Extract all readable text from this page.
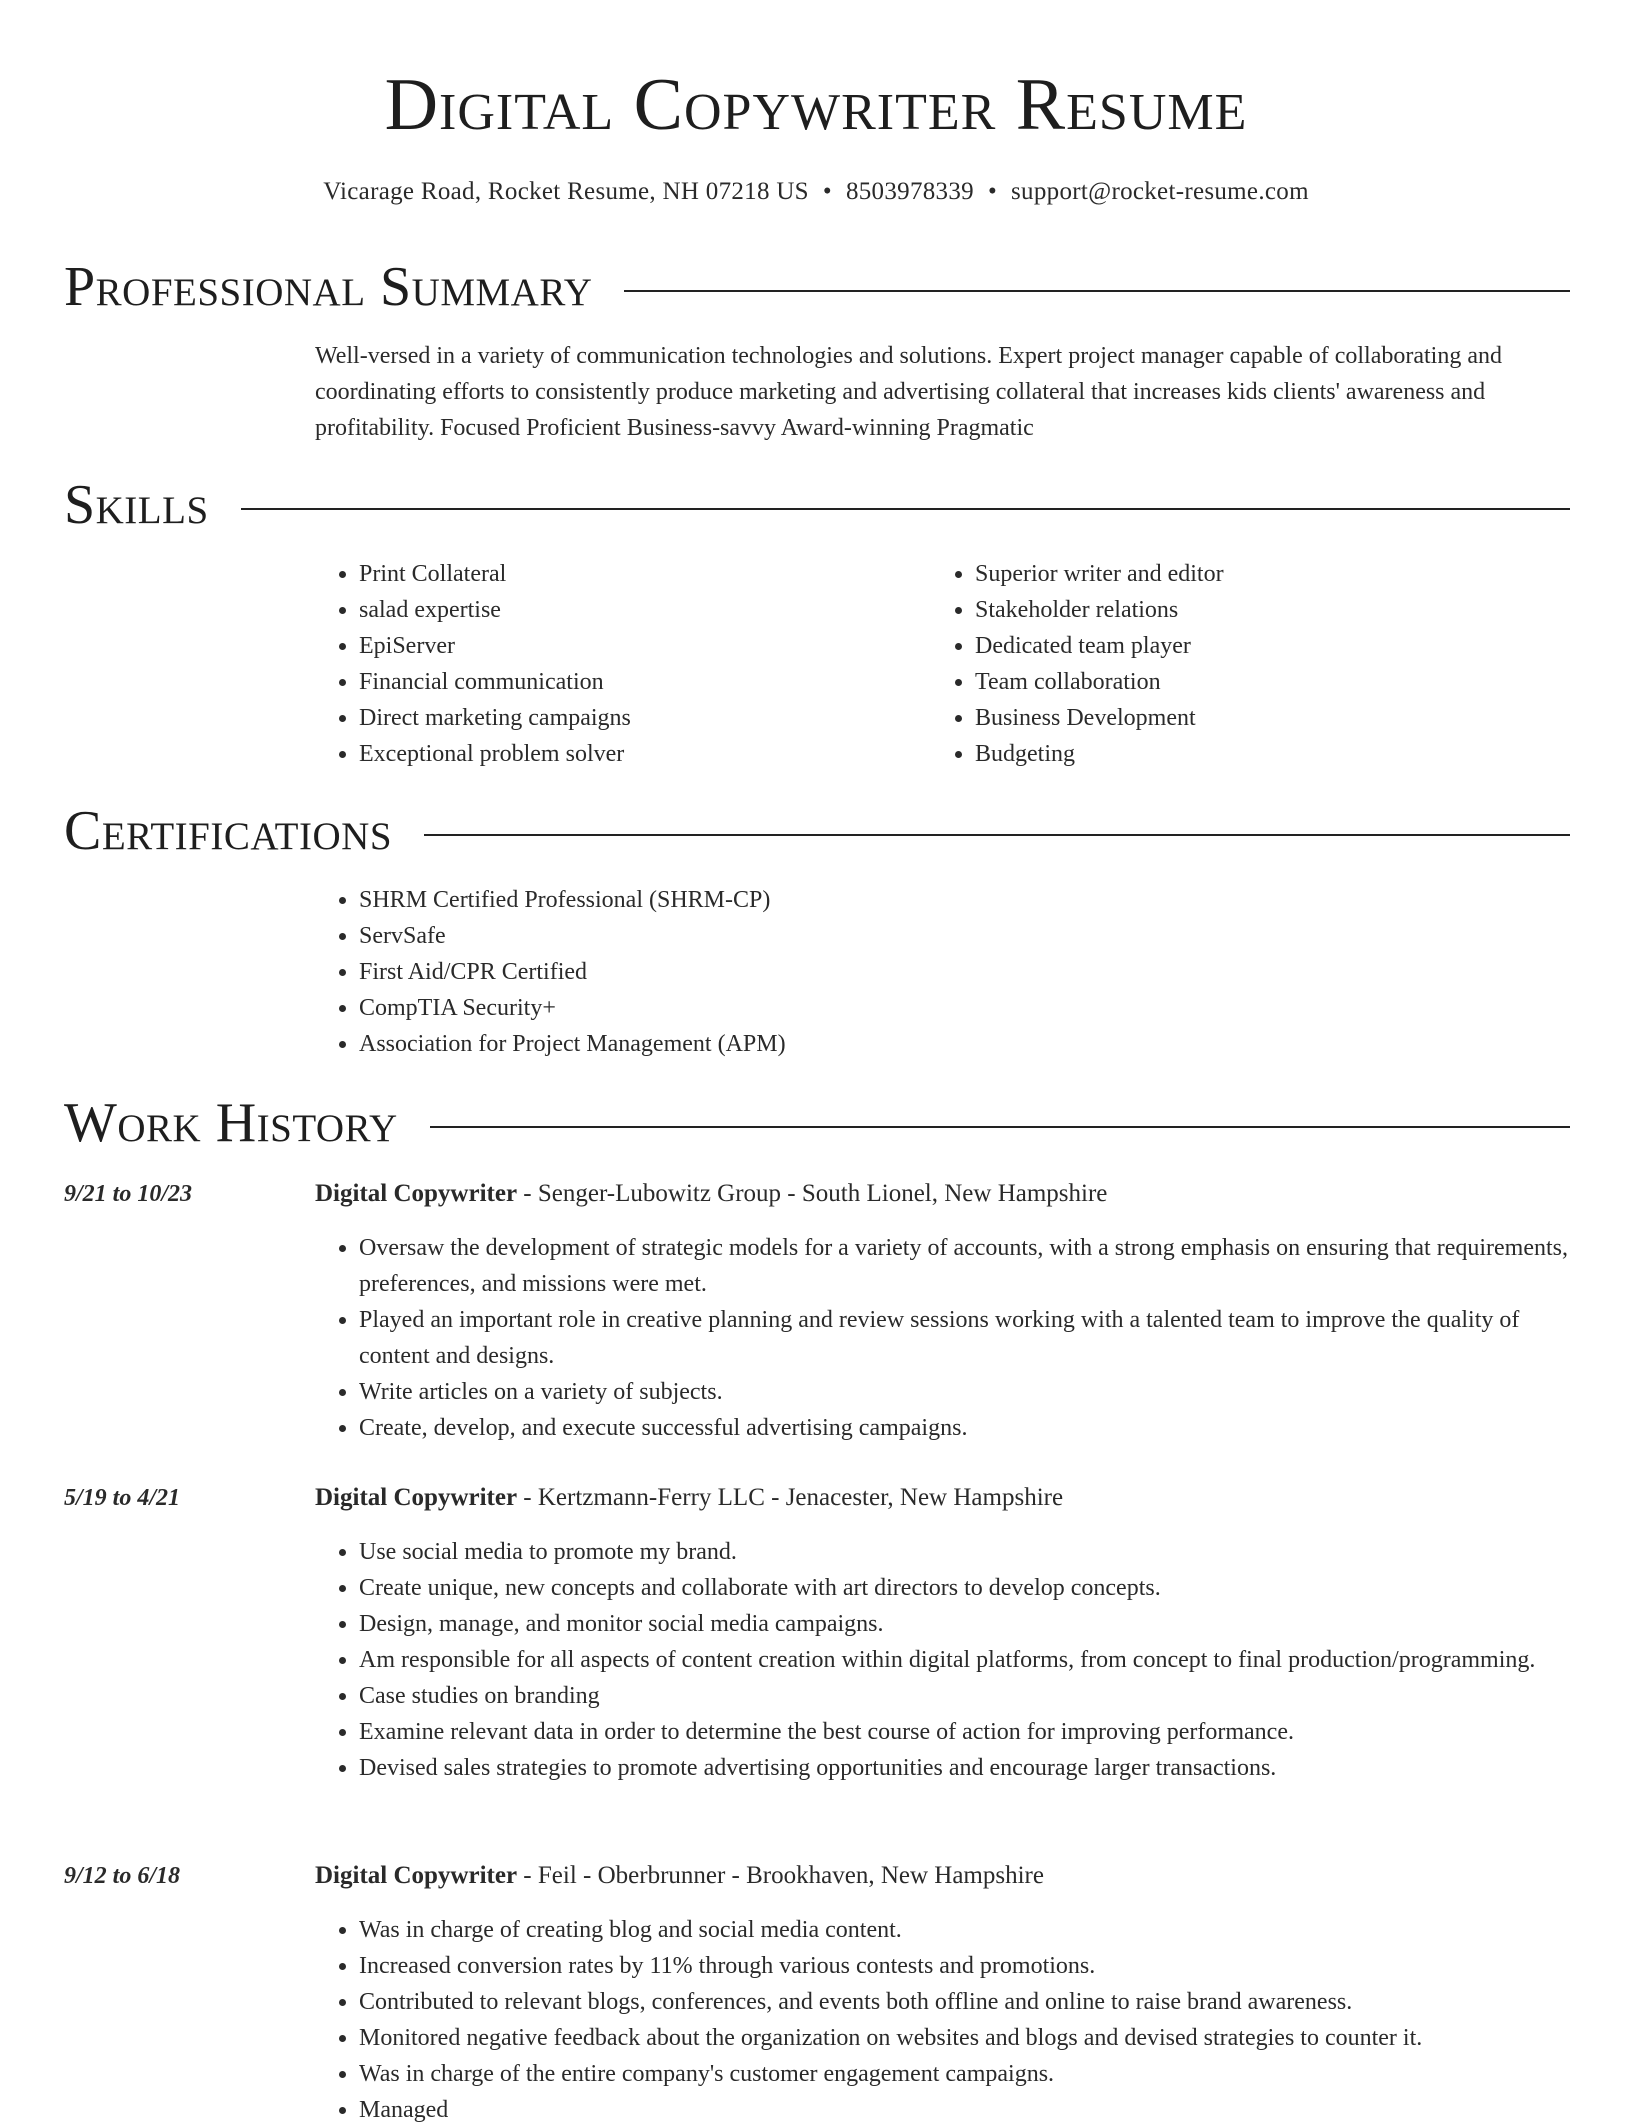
Digital Copywriter Resume
Vicarage Road, Rocket Resume, NH 07218 US • 8503978339 • support@rocket-resume.com
Professional Summary

Well-versed in a variety of communication technologies and solutions. Expert project manager capable of collaborating and coordinating efforts to consistently produce marketing and advertising collateral that increases kids clients' awareness and profitability. Focused Proficient Business-savvy Award-winning Pragmatic

Skills
• Print Collateral
• salad expertise
• EpiServer
• Financial communication
• Direct marketing campaigns
• Exceptional problem solver
• Superior writer and editor
• Stakeholder relations
• Dedicated team player
• Team collaboration
• Business Development
• Budgeting
Certifications
• SHRM Certified Professional (SHRM-CP)
• ServSafe
• First Aid/CPR Certified
• CompTIA Security+
• Association for Project Management (APM)
Work History
9/21 to 10/23	Digital Copywriter - Senger-Lubowitz Group - South Lionel, New Hampshire
• Oversaw the development of strategic models for a variety of accounts, with a strong emphasis on ensuring that requirements, preferences, and missions were met.
• Played an important role in creative planning and review sessions working with a talented team to improve the quality of content and designs.
• Write articles on a variety of subjects.
• Create, develop, and execute successful advertising campaigns.
5/19 to 4/21	Digital Copywriter - Kertzmann-Ferry LLC - Jenacester, New Hampshire
• Use social media to promote my brand.
• Create unique, new concepts and collaborate with art directors to develop concepts.
• Design, manage, and monitor social media campaigns.
• Am responsible for all aspects of content creation within digital platforms, from concept to final production/programming.
• Case studies on branding
• Examine relevant data in order to determine the best course of action for improving performance.
• Devised sales strategies to promote advertising opportunities and encourage larger transactions.
9/12 to 6/18	Digital Copywriter - Feil - Oberbrunner - Brookhaven, New Hampshire
• Was in charge of creating blog and social media content.
• Increased conversion rates by 11% through various contests and promotions.
• Contributed to relevant blogs, conferences, and events both offline and online to raise brand awareness.
• Monitored negative feedback about the organization on websites and blogs and devised strategies to counter it.
• Was in charge of the entire company's customer engagement campaigns.
• Managed
